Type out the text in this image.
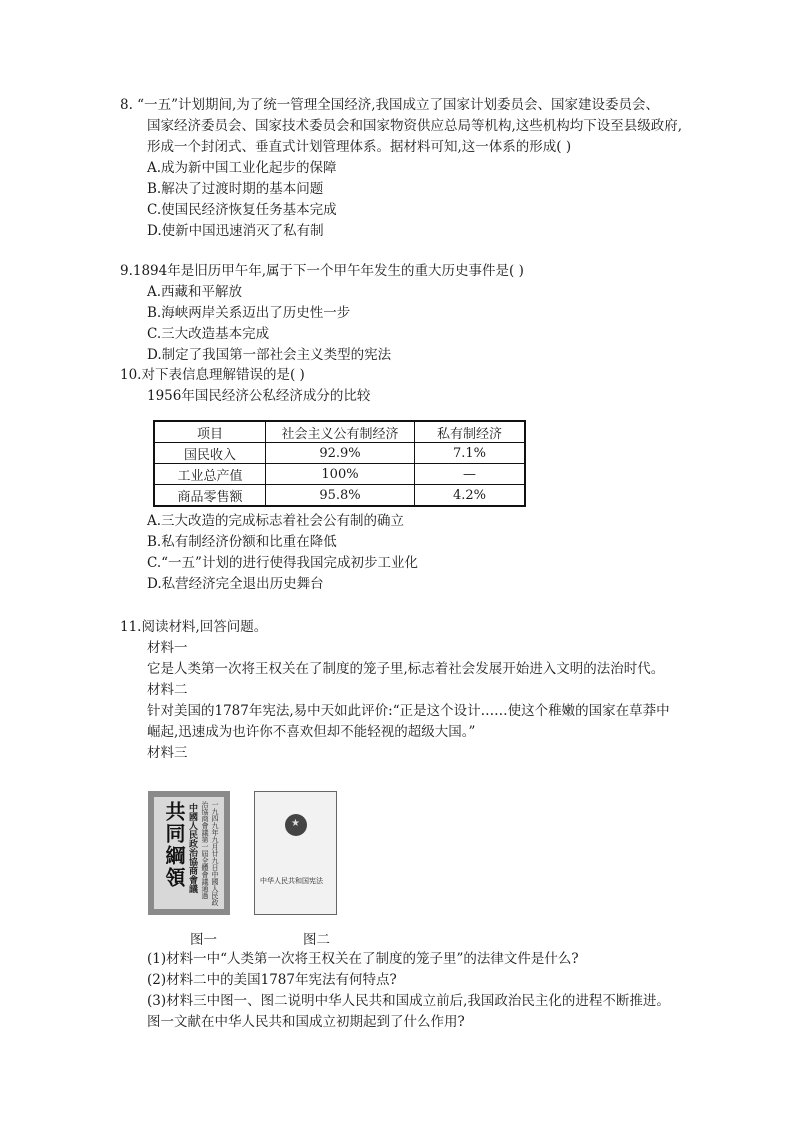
8. “一五”计划期间,为了统一管理全国经济,我国成立了国家计划委员会、国家建设委员会、
国家经济委员会、国家技术委员会和国家物资供应总局等机构,这些机构均下设至县级政府,
形成一个封闭式、垂直式计划管理体系。据材料可知,这一体系的形成( )
A.成为新中国工业化起步的保障
B.解决了过渡时期的基本问题
C.使国民经济恢复任务基本完成
D.使新中国迅速消灭了私有制
9.1894年是旧历甲午年,属于下一个甲午年发生的重大历史事件是( )
A.西藏和平解放
B.海峡两岸关系迈出了历史性一步
C.三大改造基本完成
D.制定了我国第一部社会主义类型的宪法
10.对下表信息理解错误的是( )
1956年国民经济公私经济成分的比较
项目	社会主义公有制经济	私有制经济
国民收入	92.9%	7.1%
工业总产值	100%	—
商品零售额	95.8%	4.2%
A.三大改造的完成标志着社会公有制的确立
B.私有制经济份额和比重在降低
C.“一五”计划的进行使得我国完成初步工业化
D.私营经济完全退出历史舞台
11.阅读材料,回答问题。
材料一
它是人类第一次将王权关在了制度的笼子里,标志着社会发展开始进入文明的法治时代。
材料二
针对美国的1787年宪法,易中天如此评价:“正是这个设计……使这个稚嫩的国家在草莽中
崛起,迅速成为也许你不喜欢但却不能轻视的超级大国。”
材料三
一九四九年九月廿九日中國人民政治協商會議第一屆全體會議通過
中國人民政治協商會議
共同綱領	★
中华人民共和国宪法
图一	图二
(1)材料一中“人类第一次将王权关在了制度的笼子里”的法律文件是什么?
(2)材料二中的美国1787年宪法有何特点?
(3)材料三中图一、图二说明中华人民共和国成立前后,我国政治民主化的进程不断推进。
图一文献在中华人民共和国成立初期起到了什么作用?
